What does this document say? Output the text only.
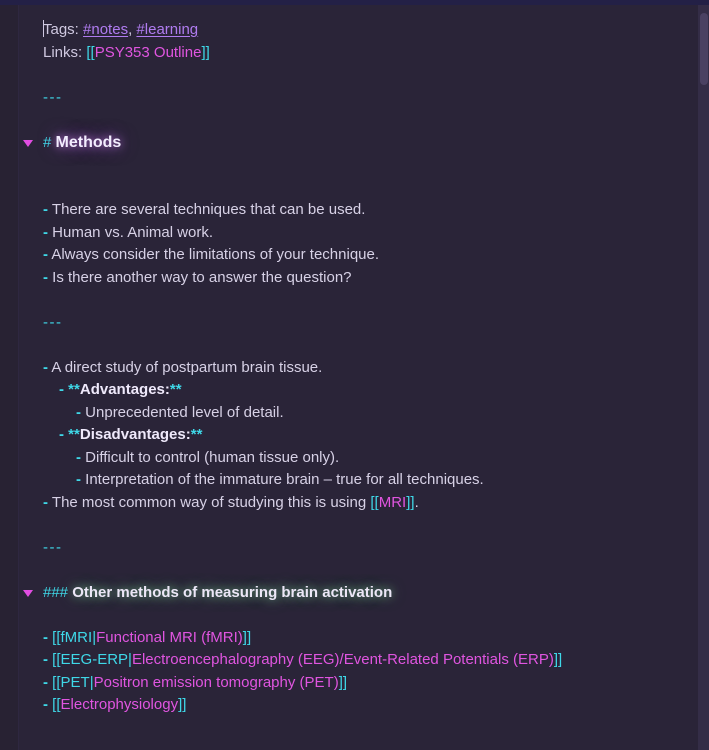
Tags: #notes, #learning
Links: [[PSY353 Outline]]
---
# Methods
- There are several techniques that can be used.
- Human vs. Animal work.
- Always consider the limitations of your technique.
- Is there another way to answer the question?
---
- A direct study of postpartum brain tissue.
- **Advantages:**
- Unprecedented level of detail.
- **Disadvantages:**
- Difficult to control (human tissue only).
- Interpretation of the immature brain – true for all techniques.
- The most common way of studying this is using [[MRI]].
---
### Other methods of measuring brain activation
- [[fMRI|Functional MRI (fMRI)]]
- [[EEG-ERP|Electroencephalography (EEG)/Event-Related Potentials (ERP)]]
- [[PET|Positron emission tomography (PET)]]
- [[Electrophysiology]]
